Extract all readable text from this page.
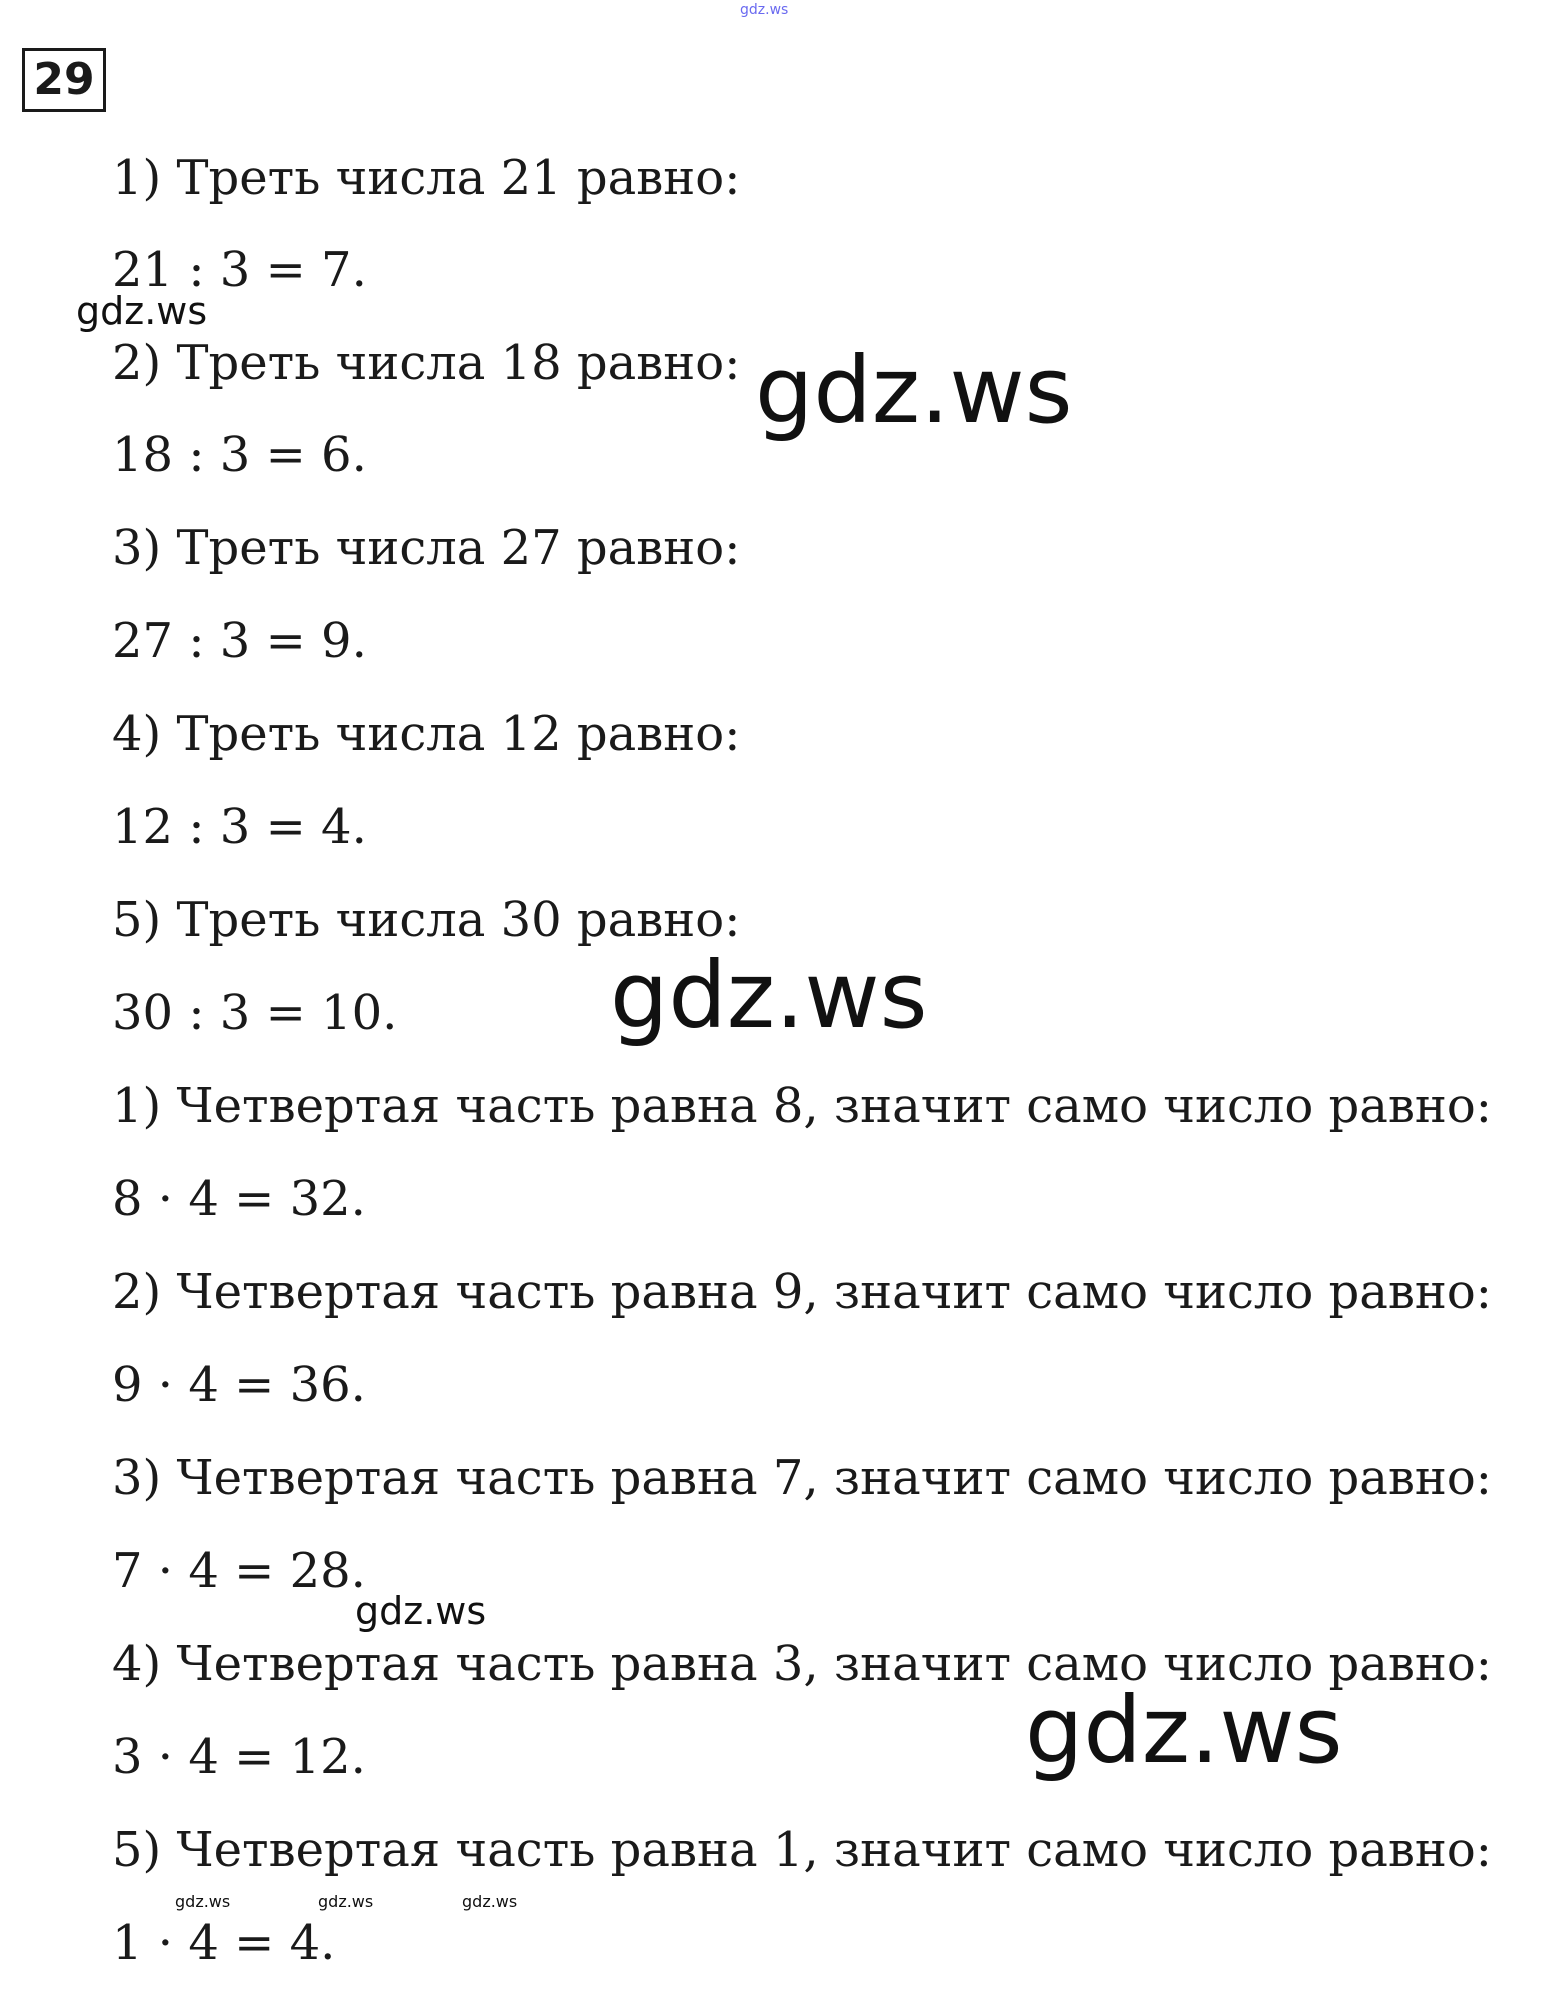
29
1) Треть числа 21 равно:
21 : 3 = 7.
2) Треть числа 18 равно:
18 : 3 = 6.
3) Треть числа 27 равно:
27 : 3 = 9.
4) Треть числа 12 равно:
12 : 3 = 4.
5) Треть числа 30 равно:
30 : 3 = 10.
1) Четвертая часть равна 8, значит само число равно:
8 · 4 = 32.
2) Четвертая часть равна 9, значит само число равно:
9 · 4 = 36.
3) Четвертая часть равна 7, значит само число равно:
7 · 4 = 28.
4) Четвертая часть равна 3, значит само число равно:
3 · 4 = 12.
5) Четвертая часть равна 1, значит само число равно:
1 · 4 = 4.
gdz.ws
gdz.ws
gdz.ws
gdz.ws
gdz.ws
gdz.ws
gdz.ws	gdz.ws	gdz.ws
